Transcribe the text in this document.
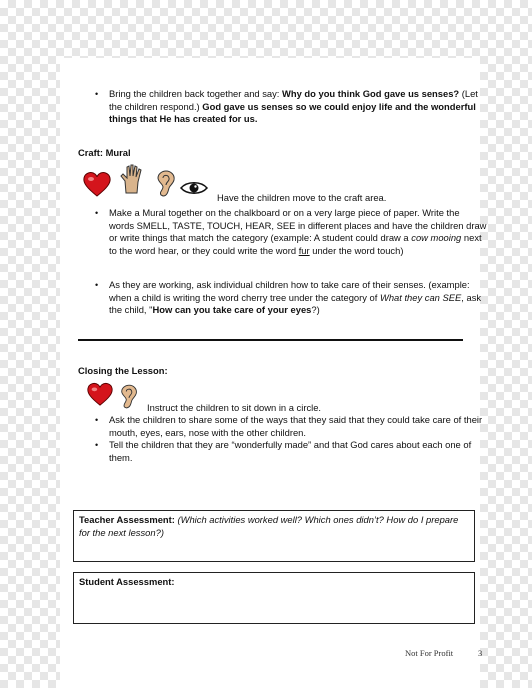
• Bring the children back together and say: Why do you think God gave us senses? (Let the children respond.) God gave us senses so we could enjoy life and the wonderful things that He has created for us.
Craft: Mural
Have the children move to the craft area.
• Make a Mural together on the chalkboard or on a very large piece of paper. Write the words SMELL, TASTE, TOUCH, HEAR, SEE in different places and have the children draw or write things that match the category (example: A student could draw a cow mooing next to the word hear, or they could write the word fur under the word touch)
• As they are working, ask individual children how to take care of their senses. (example: when a child is writing the word cherry tree under the category of What they can SEE, ask the child, "How can you take care of your eyes?)
Closing the Lesson:
Instruct the children to sit down in a circle.
• Ask the children to share some of the ways that they said that they could take care of their mouth, eyes, ears, nose with the other children.
• Tell the children that they are “wonderfully made” and that God cares about each one of them.
Teacher Assessment: (Which activities worked well? Which ones didn’t? How do I prepare for the next lesson?)
Student Assessment:
Not For Profit	3
